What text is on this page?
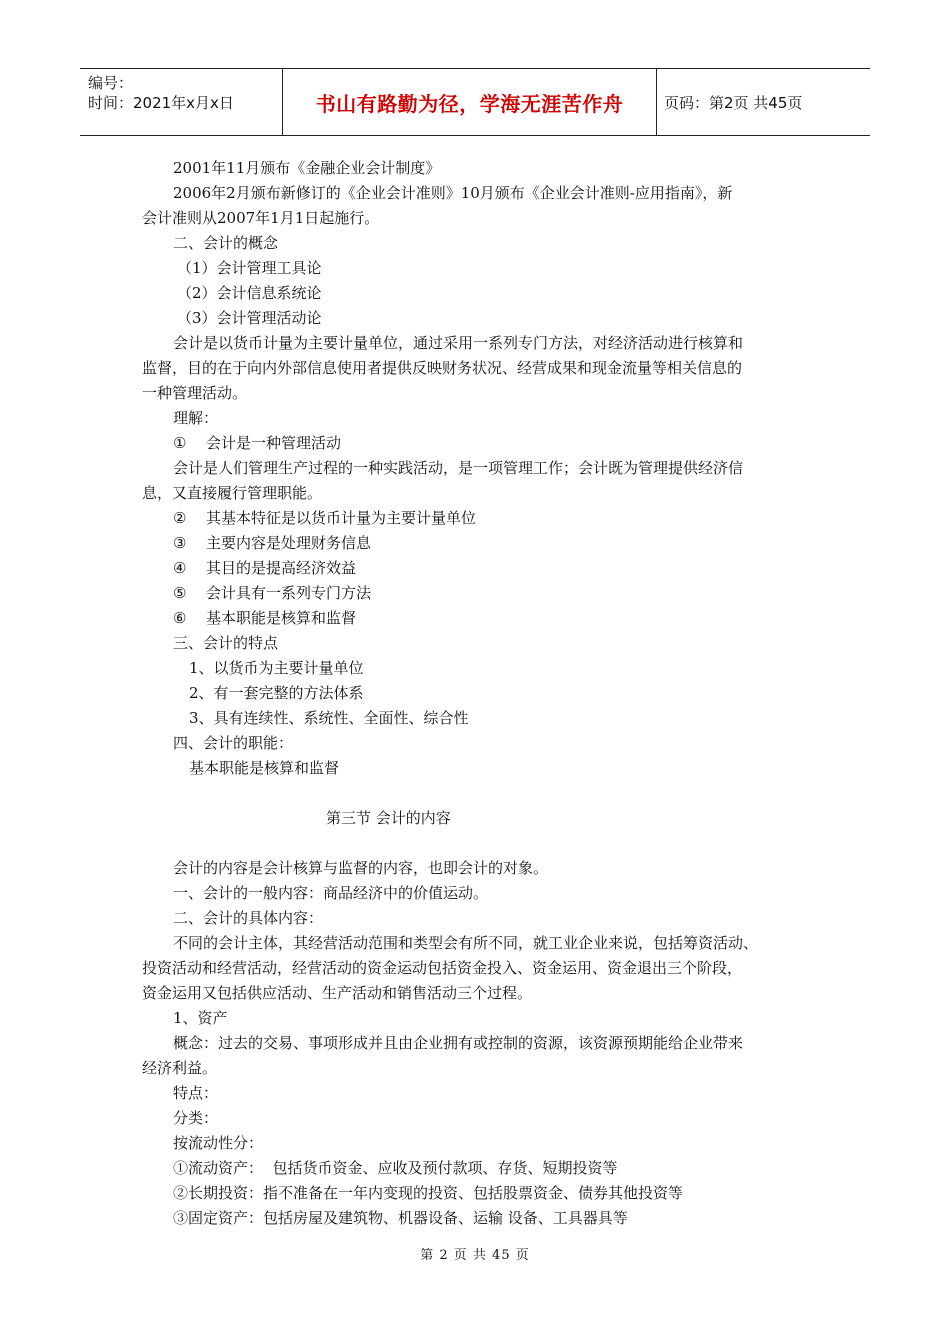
编号：
时间：2021年x月x日	书山有路勤为径，学海无涯苦作舟	页码：第2页 共45页

2001年11月颁布《金融企业会计制度》

2006年2月颁布新修订的《企业会计准则》10月颁布《企业会计准则-应用指南》，新

会计准则从2007年1月1日起施行。

二、会计的概念

（1）会计管理工具论

（2）会计信息系统论

（3）会计管理活动论

会计是以货币计量为主要计量单位，通过采用一系列专门方法，对经济活动进行核算和

监督，目的在于向内外部信息使用者提供反映财务状况、经营成果和现金流量等相关信息的

一种管理活动。

理解：

① 会计是一种管理活动

会计是人们管理生产过程的一种实践活动，是一项管理工作；会计既为管理提供经济信

息，又直接履行管理职能。

② 其基本特征是以货币计量为主要计量单位

③ 主要内容是处理财务信息

④ 其目的是提高经济效益

⑤ 会计具有一系列专门方法

⑥ 基本职能是核算和监督

三、会计的特点

1、以货币为主要计量单位

2、有一套完整的方法体系

3、具有连续性、系统性、全面性、综合性

四、会计的职能：

基本职能是核算和监督

第三节 会计的内容

会计的内容是会计核算与监督的内容，也即会计的对象。

一、会计的一般内容：商品经济中的价值运动。

二、会计的具体内容：

不同的会计主体，其经营活动范围和类型会有所不同，就工业企业来说，包括筹资活动、

投资活动和经营活动，经营活动的资金运动包括资金投入、资金运用、资金退出三个阶段，

资金运用又包括供应活动、生产活动和销售活动三个过程。

1、资产

概念：过去的交易、事项形成并且由企业拥有或控制的资源，该资源预期能给企业带来

经济利益。

特点：

分类：

按流动性分：

①流动资产：  包括货币资金、应收及预付款项、存货、短期投资等

②长期投资：指不准备在一年内变现的投资、包括股票资金、债券其他投资等

③固定资产：包括房屋及建筑物、机器设备、运输 设备、工具器具等

第 2 页 共 45 页
